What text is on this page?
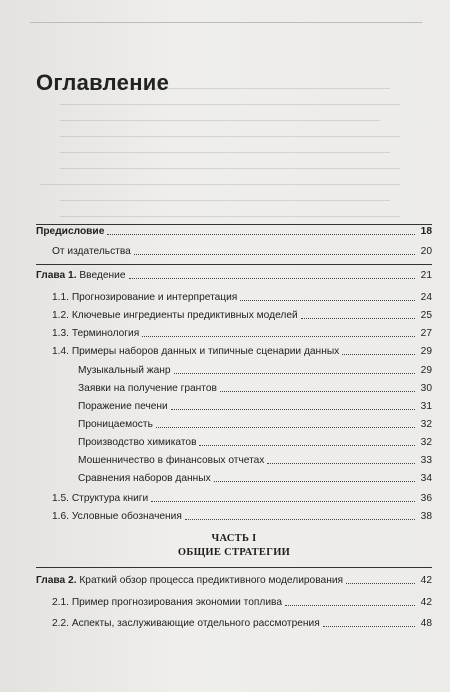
Оглавление
Предисловие	18
От издательства	20
Глава 1. Введение	21
1.1. Прогнозирование и интерпретация	24
1.2. Ключевые ингредиенты предиктивных моделей	25
1.3. Терминология	27
1.4. Примеры наборов данных и типичные сценарии данных	29
Музыкальный жанр	29
Заявки на получение грантов	30
Поражение печени	31
Проницаемость	32
Производство химикатов	32
Мошенничество в финансовых отчетах	33
Сравнения наборов данных	34
1.5. Структура книги	36
1.6. Условные обозначения	38
ЧАСТЬ I
ОБЩИЕ СТРАТЕГИИ
Глава 2. Краткий обзор процесса предиктивного моделирования	42
2.1. Пример прогнозирования экономии топлива	42
2.2. Аспекты, заслуживающие отдельного рассмотрения	48
